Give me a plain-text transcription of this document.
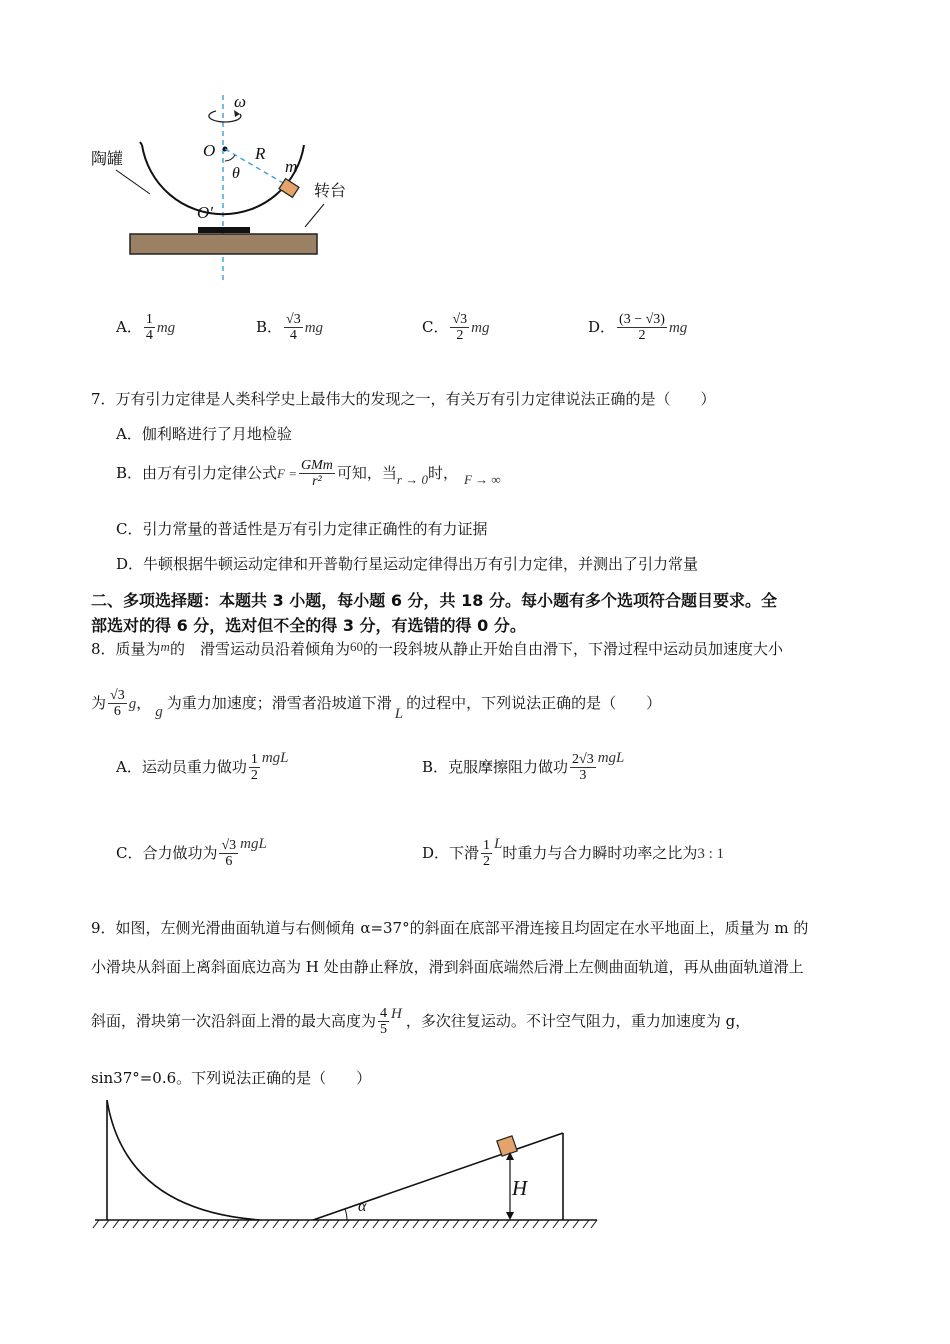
ω
O R
m
θ
O′
陶罐
转台
A． $\frac{1}{4}$ mg	B． $\frac{√3}{4}$ mg	C． $\frac{√3}{2}$ mg	D． $\frac{(3 - √3)}{2}$ mg
7．万有引力定律是人类科学史上最伟大的发现之一，有关万有引力定律说法正确的是（　　）
A．伽利略进行了月地检验
B．由万有引力定律公式$F = \frac{\text{GMm}}{\text{r²}}$ 可知，当r → 0时， F → ∞
C．引力常量的普适性是万有引力定律正确性的有力证据
D．牛顿根据牛顿运动定律和开普勒行星运动定律得出万有引力定律，并测出了引力常量
二、多项选择题：本题共 3 小题，每小题 6 分，共 18 分。每小题有多个选项符合题目要求。全
部选对的得 6 分，选对但不全的得 3 分，有选错的得 0 分。
8．质量为m的　滑雪运动员沿着倾角为60的一段斜坡从静止开始自由滑下，下滑过程中运动员加速度大小
为 $\frac{√3}{6}$ g， g 为重力加速度；滑雪者沿坡道下滑L的过程中，下列说法正确的是（　　）
A．运动员重力做功 $\frac{1}{2}$ mgL	B．克服摩擦阻力做功 $\frac{2√3}{3}$ mgL
C．合力做功为 $\frac{√3}{6}$ mgL	D．下滑 $\frac{1}{2}$ L时重力与合力瞬时功率之比为3 : 1
9．如图，左侧光滑曲面轨道与右侧倾角 α=37°的斜面在底部平滑连接且均固定在水平地面上，质量为 m 的
小滑块从斜面上离斜面底边高为 H 处由静止释放，滑到斜面底端然后滑上左侧曲面轨道，再从曲面轨道滑上
斜面，滑块第一次沿斜面上滑的最大高度为 $\frac{4}{5}$ H ，多次往复运动。不计空气阻力，重力加速度为 g，
sin37°=0.6。下列说法正确的是（　　）
H
α
